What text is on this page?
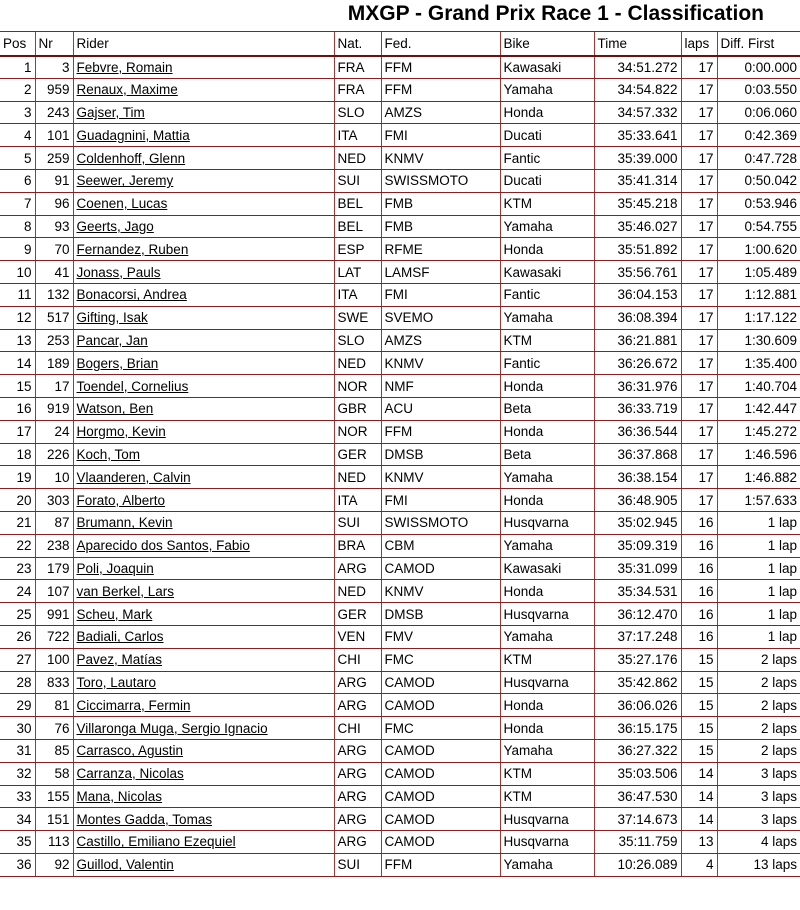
MXGP - Grand Prix Race 1 - Classification
Pos	Nr	Rider	Nat.	Fed.	Bike	Time	laps	Diff. First
1	3	Febvre, Romain	FRA	FFM	Kawasaki	34:51.272	17	0:00.000
2	959	Renaux, Maxime	FRA	FFM	Yamaha	34:54.822	17	0:03.550
3	243	Gajser, Tim	SLO	AMZS	Honda	34:57.332	17	0:06.060
4	101	Guadagnini, Mattia	ITA	FMI	Ducati	35:33.641	17	0:42.369
5	259	Coldenhoff, Glenn	NED	KNMV	Fantic	35:39.000	17	0:47.728
6	91	Seewer, Jeremy	SUI	SWISSMOTO	Ducati	35:41.314	17	0:50.042
7	96	Coenen, Lucas	BEL	FMB	KTM	35:45.218	17	0:53.946
8	93	Geerts, Jago	BEL	FMB	Yamaha	35:46.027	17	0:54.755
9	70	Fernandez, Ruben	ESP	RFME	Honda	35:51.892	17	1:00.620
10	41	Jonass, Pauls	LAT	LAMSF	Kawasaki	35:56.761	17	1:05.489
11	132	Bonacorsi, Andrea	ITA	FMI	Fantic	36:04.153	17	1:12.881
12	517	Gifting, Isak	SWE	SVEMO	Yamaha	36:08.394	17	1:17.122
13	253	Pancar, Jan	SLO	AMZS	KTM	36:21.881	17	1:30.609
14	189	Bogers, Brian	NED	KNMV	Fantic	36:26.672	17	1:35.400
15	17	Toendel, Cornelius	NOR	NMF	Honda	36:31.976	17	1:40.704
16	919	Watson, Ben	GBR	ACU	Beta	36:33.719	17	1:42.447
17	24	Horgmo, Kevin	NOR	FFM	Honda	36:36.544	17	1:45.272
18	226	Koch, Tom	GER	DMSB	Beta	36:37.868	17	1:46.596
19	10	Vlaanderen, Calvin	NED	KNMV	Yamaha	36:38.154	17	1:46.882
20	303	Forato, Alberto	ITA	FMI	Honda	36:48.905	17	1:57.633
21	87	Brumann, Kevin	SUI	SWISSMOTO	Husqvarna	35:02.945	16	1 lap
22	238	Aparecido dos Santos, Fabio	BRA	CBM	Yamaha	35:09.319	16	1 lap
23	179	Poli, Joaquin	ARG	CAMOD	Kawasaki	35:31.099	16	1 lap
24	107	van Berkel, Lars	NED	KNMV	Honda	35:34.531	16	1 lap
25	991	Scheu, Mark	GER	DMSB	Husqvarna	36:12.470	16	1 lap
26	722	Badiali, Carlos	VEN	FMV	Yamaha	37:17.248	16	1 lap
27	100	Pavez, Matías	CHI	FMC	KTM	35:27.176	15	2 laps
28	833	Toro, Lautaro	ARG	CAMOD	Husqvarna	35:42.862	15	2 laps
29	81	Ciccimarra, Fermin	ARG	CAMOD	Honda	36:06.026	15	2 laps
30	76	Villaronga Muga, Sergio Ignacio	CHI	FMC	Honda	36:15.175	15	2 laps
31	85	Carrasco, Agustin	ARG	CAMOD	Yamaha	36:27.322	15	2 laps
32	58	Carranza, Nicolas	ARG	CAMOD	KTM	35:03.506	14	3 laps
33	155	Mana, Nicolas	ARG	CAMOD	KTM	36:47.530	14	3 laps
34	151	Montes Gadda, Tomas	ARG	CAMOD	Husqvarna	37:14.673	14	3 laps
35	113	Castillo, Emiliano Ezequiel	ARG	CAMOD	Husqvarna	35:11.759	13	4 laps
36	92	Guillod, Valentin	SUI	FFM	Yamaha	10:26.089	4	13 laps
